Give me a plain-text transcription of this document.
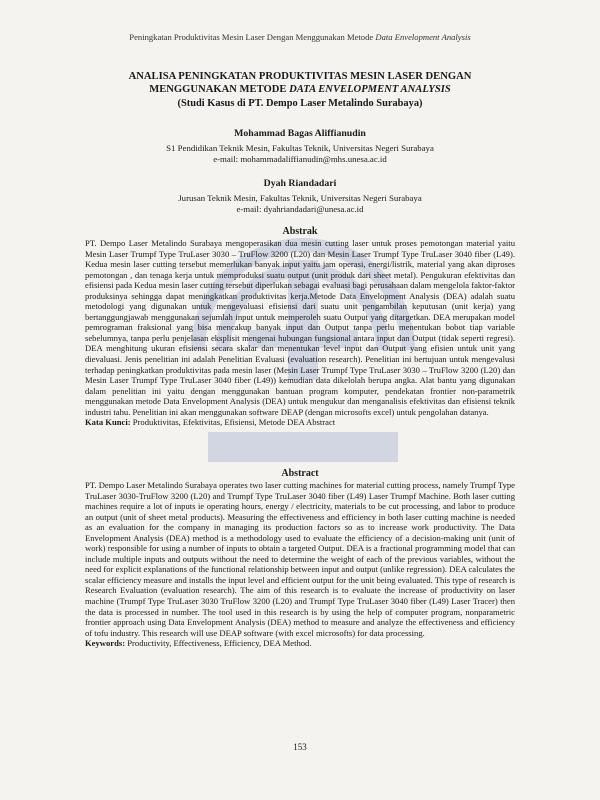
Peningkatan Produktivitas Mesin Laser Dengan Menggunakan Metode Data Envelopment Analysis
ANALISA PENINGKATAN PRODUKTIVITAS MESIN LASER DENGAN
MENGGUNAKAN METODE DATA ENVELOPMENT ANALYSIS
(Studi Kasus di PT. Dempo Laser Metalindo Surabaya)
Mohammad Bagas Aliffianudin
S1 Pendidikan Teknik Mesin, Fakultas Teknik, Universitas Negeri Surabaya
e-mail: mohammadaliffianudin@mhs.unesa.ac.id
Dyah Riandadari
Jurusan Teknik Mesin, Fakultas Teknik, Universitas Negeri Surabaya
e-mail: dyahriandadari@unesa.ac.id
Abstrak
PT. Dempo Laser Metalindo Surabaya mengoperasikan dua mesin cutting laser untuk proses pemotongan material yaitu Mesin Laser Trumpf Type TruLaser 3030 – TruFlow 3200 (L20) dan Mesin Laser Trumpf Type TruLaser 3040 fiber (L49). Kedua mesin laser cutting tersebut memerlukan banyak input yaitu jam operasi, energi/listrik, material yang akan diproses pemotongan , dan tenaga kerja untuk memproduksi suatu output (unit produk dari sheet metal). Pengukuran efektivitas dan efisiensi pada Kedua mesin laser cutting tersebut diperlukan sebagai evaluasi bagi perusahaan dalam mengelola faktor-faktor produksinya sehingga dapat meningkatkan produktivitas kerja.Metode Data Envelopment Analysis (DEA) adalah suatu metodologi yang digunakan untuk mengevaluasi efisiensi dari suatu unit pengambilan keputusan (unit kerja) yang bertanggungjawab menggunakan sejumlah input untuk memperoleh suatu Output yang ditargetkan. DEA merupakan model pemrograman fraksional yang bisa mencakup banyak input dan Output tanpa perlu menentukan bobot tiap variable sebelumnya, tanpa perlu penjelasan eksplisit mengenai hubungan fungsional antara input dan Output (tidak seperti regresi). DEA menghitung ukuran efisiensi secara skalar dan menentukan level input dan Output yang efisien untuk unit yang dievaluasi. Jenis penelitian ini adalah Penelitian Evaluasi (evaluation research). Penelitian ini bertujuan untuk mengevalusi terhadap peningkatkan produktivitas pada mesin laser (Mesin Laser Trumpf Type TruLaser 3030 – TruFlow 3200 (L20) dan Mesin Laser Trumpf Type TruLaser 3040 fiber (L49)) kemudian data dikelolah berupa angka. Alat bantu yang digunakan dalam penelitian ini yaitu dengan menggunakan bantuan program komputer, pendekatan frontier non-parametrik menggunakan metode Data Envelopment Analysis (DEA) untuk mengukur dan menganalisis efektivitas dan efisiensi teknik industri tahu. Penelitian ini akan menggunakan software DEAP (dengan microsofts excel) untuk pengolahan datanya.
Kata Kunci: Produktivitas, Efektivitas, Efisiensi, Metode DEA Abstract
Abstract
PT. Dempo Laser Metalindo Surabaya operates two laser cutting machines for material cutting process, namely Trumpf Type TruLaser 3030-TruFlow 3200 (L20) and Trumpf Type TruLaser 3040 fiber (L49) Laser Trumpf Machine. Both laser cutting machines require a lot of inputs ie operating hours, energy / electricity, materials to be cut processing, and labor to produce an output (unit of sheet metal products). Measuring the effectiveness and efficiency in both laser cutting machine is needed as an evaluation for the company in managing its production factors so as to increase work productivity. The Data Envelopment Analysis (DEA) method is a methodology used to evaluate the efficiency of a decision-making unit (unit of work) responsible for using a number of inputs to obtain a targeted Output. DEA is a fractional programming model that can include multiple inputs and outputs without the need to determine the weight of each of the previous variables, without the need for explicit explanations of the functional relationship between input and output (unlike regression). DEA calculates the scalar efficiency measure and installs the input level and efficient output for the unit being evaluated. This type of research is Research Evaluation (evaluation research). The aim of this research is to evaluate the increase of productivity on laser machine (Trumpf Type TruLaser 3030 TruFlow 3200 (L20) and Trumpf Type TruLaser 3040 fiber (L49) Laser Tracer) then the data is processed in number. The tool used in this research is by using the help of computer program, nonparametric frontier approach using Data Envelopment Analysis (DEA) method to measure and analyze the effectiveness and efficiency of tofu industry. This research will use DEAP software (with excel microsofts) for data processing.
Keywords: Productivity, Effectiveness, Efficiency, DEA Method.
153
